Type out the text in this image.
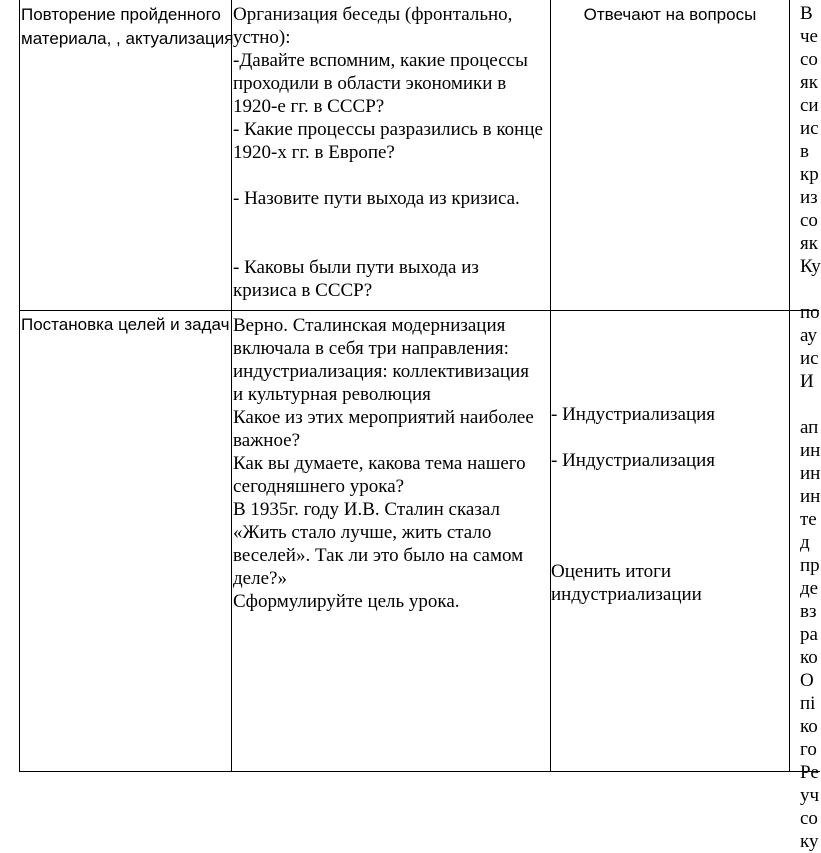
Повторение пройденного
материала, , актуализация
Организация беседы (фронтально,
устно):
-Давайте вспомним, какие процессы
проходили в области экономики в
1920-е гг. в СССР?
- Какие процессы разразились в конце
1920-х гг. в Европе?
- Назовите пути выхода из кризиса.
- Каковы были пути выхода из
кризиса в СССР?
Отвечают на вопросы
Постановка целей и задач Верно. Сталинская модернизация
включала в себя три направления:
индустриализация: коллективизация
и культурная революция
Какое из этих мероприятий наиболее
важное?
Как вы думаете, какова тема нашего
сегодняшнего урока?
В 1935г. году И.В. Сталин сказал
«Жить стало лучше, жить стало
веселей». Так ли это было на самом
деле?»
Сформулируйте цель урока.
- Индустриализация
- Индустриализация
Оценить итоги
индустриализации
В
че
со
як
си
ис
в
кр
из
со
як
Ку
по
ау
ис
И
ап
ин
ин
ин
те
д
пр
де
вз
ра
ко
О
пі
ко
го
Ре
уч
со
ку
